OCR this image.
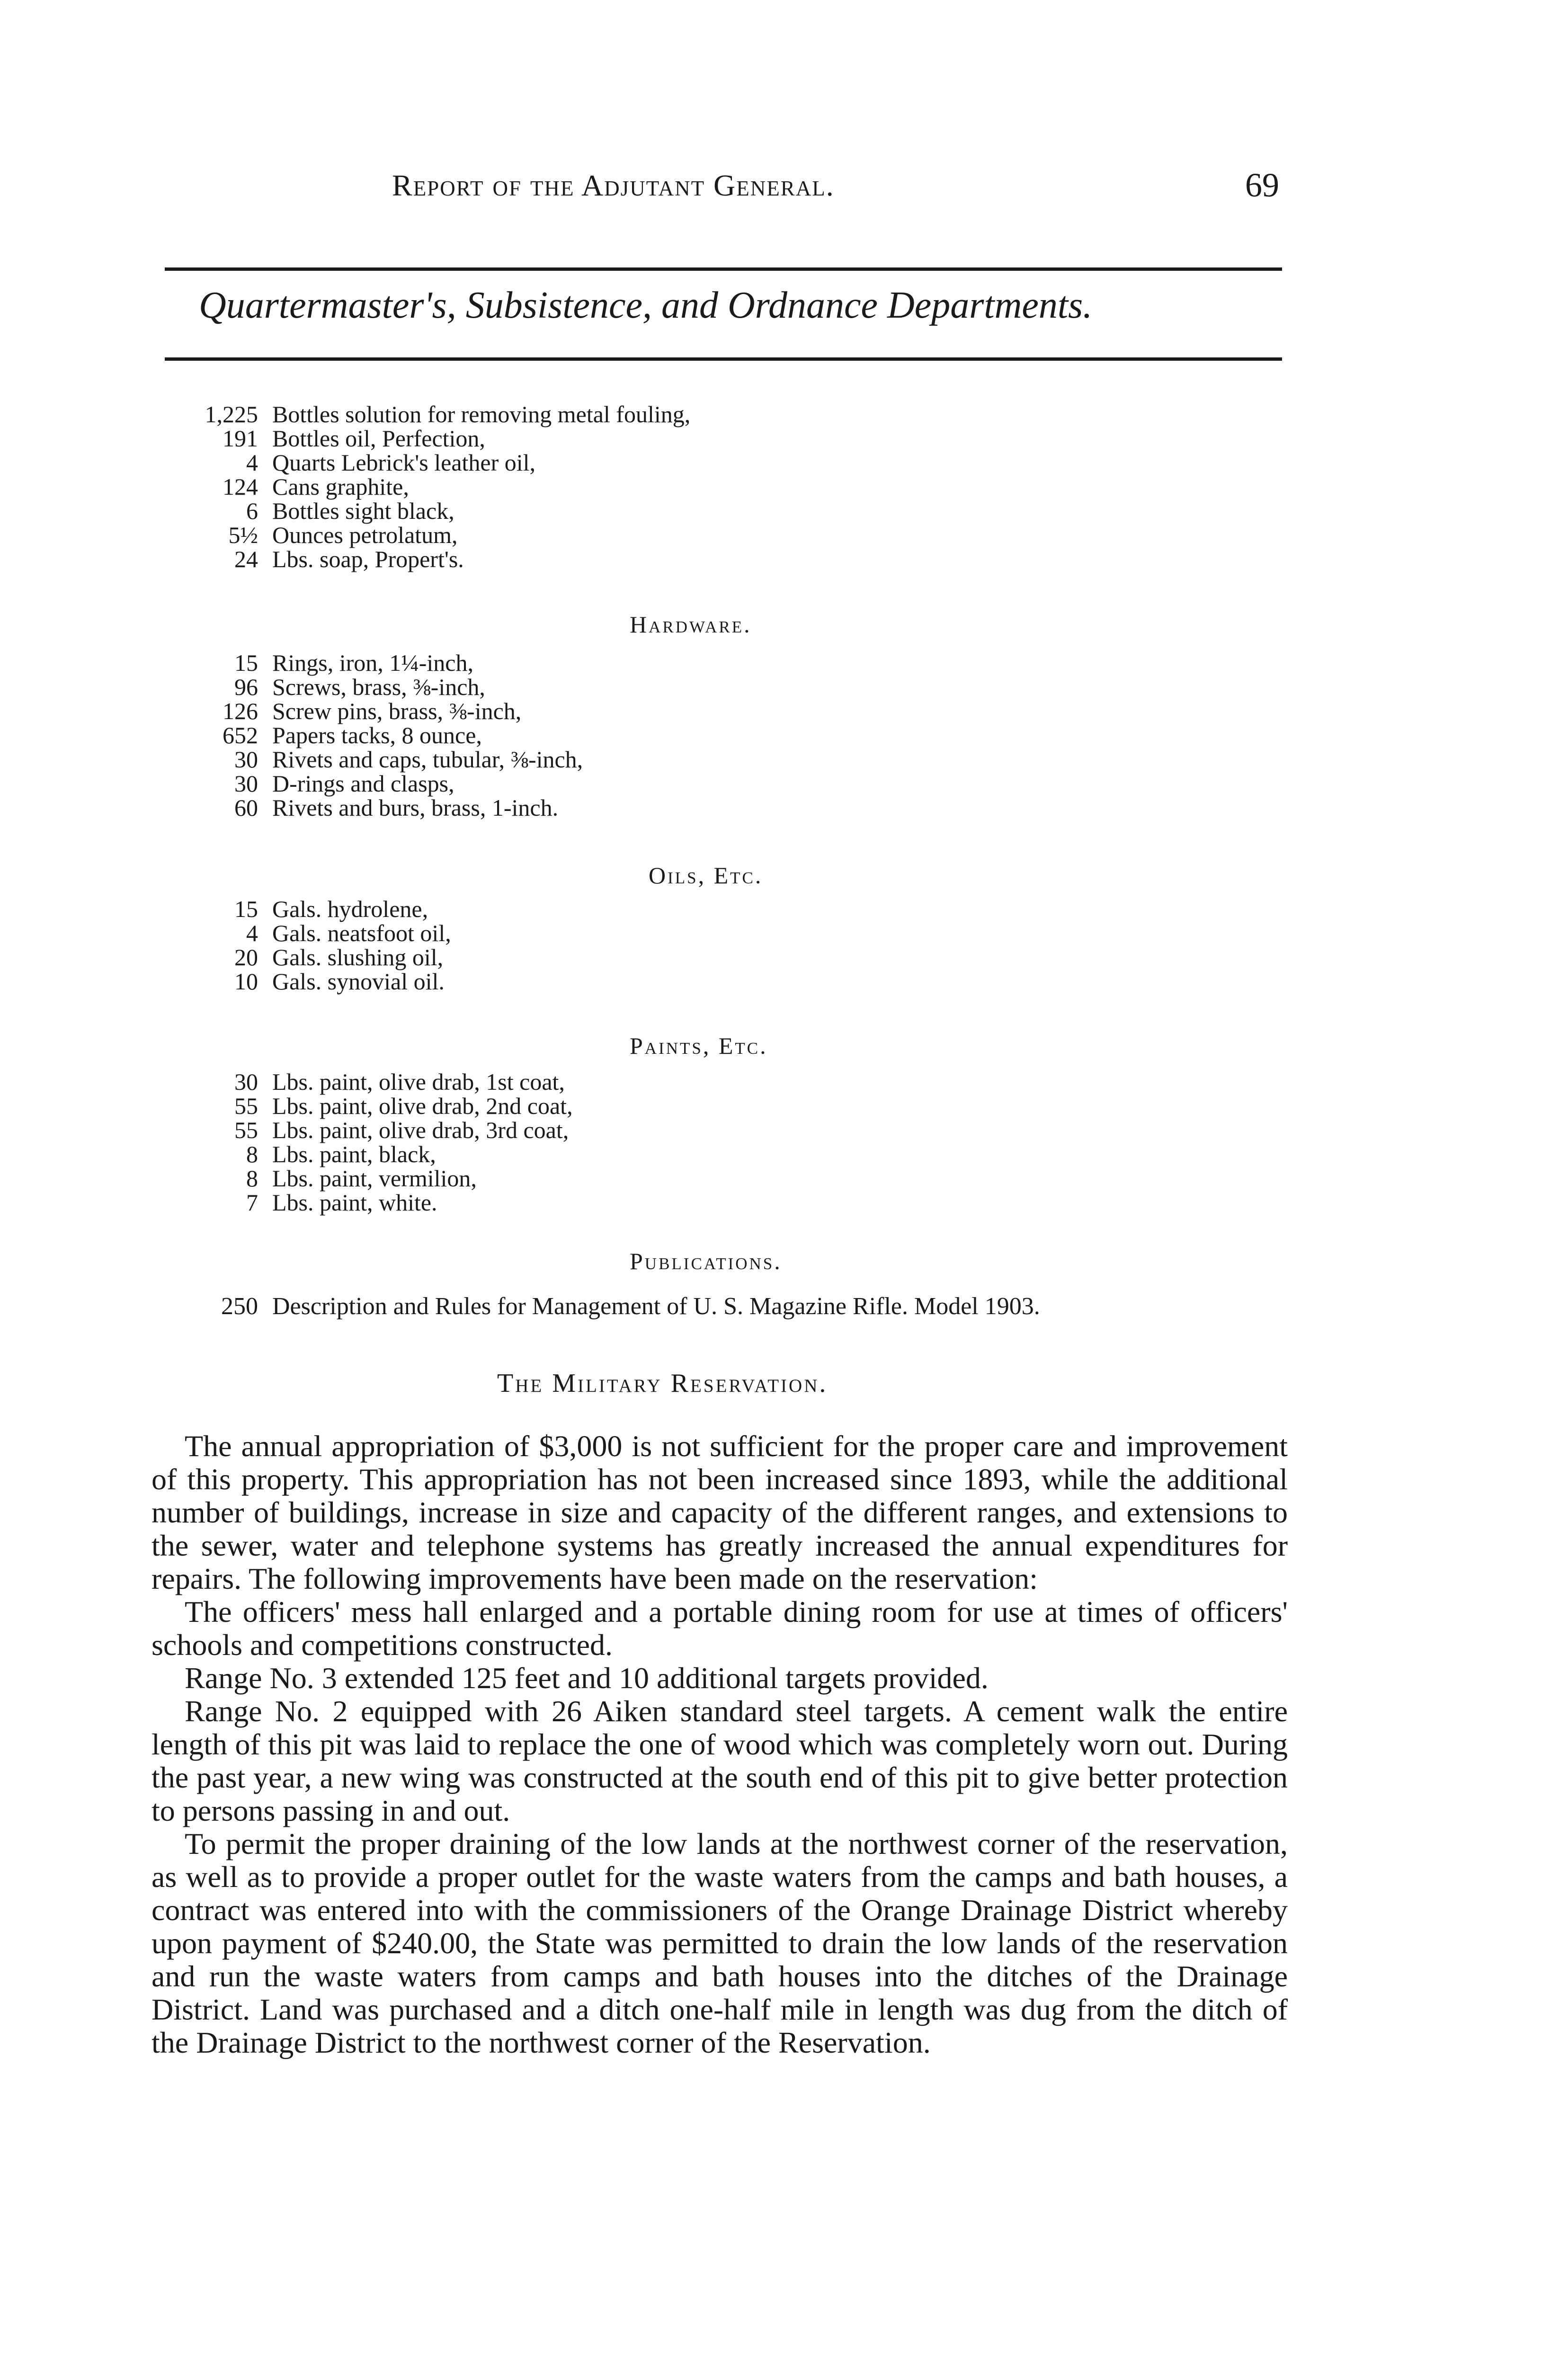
Report of the Adjutant General.	69
Quartermaster's, Subsistence, and Ordnance Departments.
1,225 Bottles solution for removing metal fouling,
191 Bottles oil, Perfection,
4 Quarts Lebrick's leather oil,
124 Cans graphite,
6 Bottles sight black,
5½ Ounces petrolatum,
24 Lbs. soap, Propert's.
Hardware.
15 Rings, iron, 1¼-inch,
96 Screws, brass, ⅜-inch,
126 Screw pins, brass, ⅜-inch,
652 Papers tacks, 8 ounce,
30 Rivets and caps, tubular, ⅜-inch,
30 D-rings and clasps,
60 Rivets and burs, brass, 1-inch.
Oils, Etc.
15 Gals. hydrolene,
4 Gals. neatsfoot oil,
20 Gals. slushing oil,
10 Gals. synovial oil.
Paints, Etc.
30 Lbs. paint, olive drab, 1st coat,
55 Lbs. paint, olive drab, 2nd coat,
55 Lbs. paint, olive drab, 3rd coat,
8 Lbs. paint, black,
8 Lbs. paint, vermilion,
7 Lbs. paint, white.
Publications.
250 Description and Rules for Management of U. S. Magazine Rifle. Model 1903.
The Military Reservation.

The annual appropriation of $3,000 is not sufficient for the proper care and improvement of this property. This appropriation has not been increased since 1893, while the additional number of buildings, increase in size and capacity of the different ranges, and extensions to the sewer, water and telephone systems has greatly increased the annual expenditures for repairs. The following improvements have been made on the reservation:

The officers' mess hall enlarged and a portable dining room for use at times of officers' schools and competitions constructed.

Range No. 3 extended 125 feet and 10 additional targets provided.

Range No. 2 equipped with 26 Aiken standard steel targets. A cement walk the entire length of this pit was laid to replace the one of wood which was completely worn out. During the past year, a new wing was constructed at the south end of this pit to give better protection to persons passing in and out.

To permit the proper draining of the low lands at the northwest corner of the reservation, as well as to provide a proper outlet for the waste waters from the camps and bath houses, a contract was entered into with the commissioners of the Orange Drainage District whereby upon payment of $240.00, the State was permitted to drain the low lands of the reservation and run the waste waters from camps and bath houses into the ditches of the Drainage District. Land was purchased and a ditch one-half mile in length was dug from the ditch of the Drainage District to the northwest corner of the Reservation.
